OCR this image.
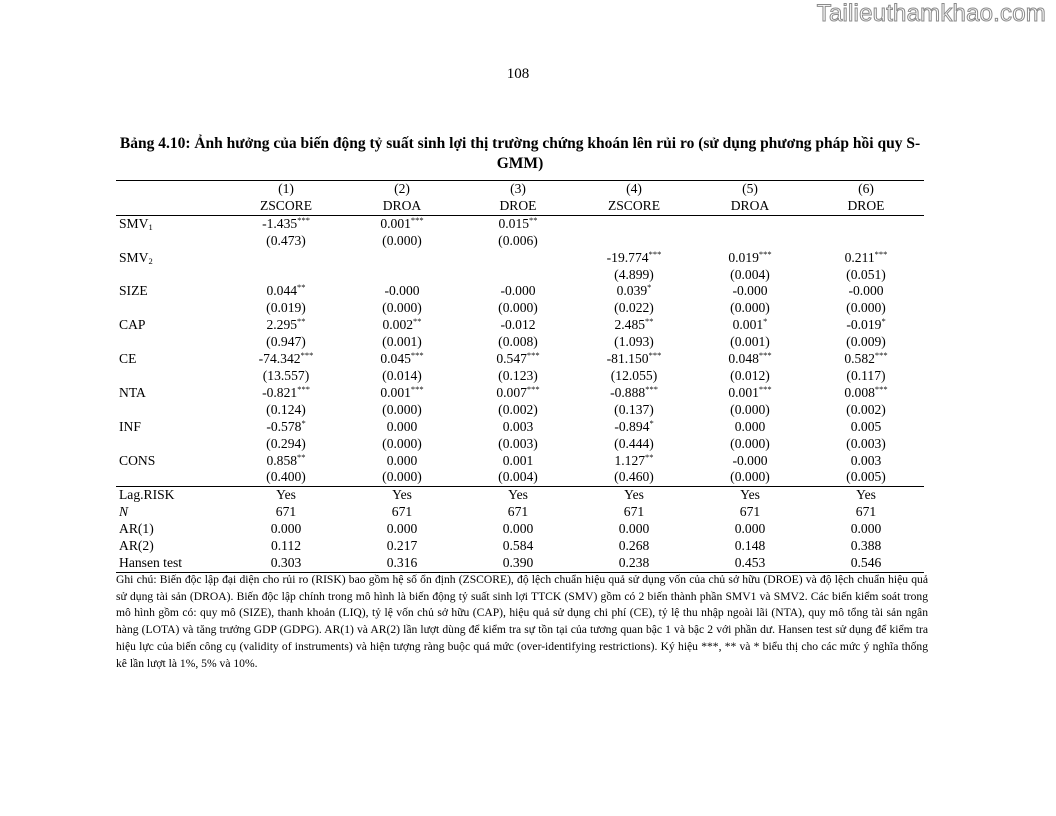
Tailieuthamkhao.com
108
Bảng 4.10: Ảnh hưởng của biến động tỷ suất sinh lợi thị trường chứng khoán lên rủi ro (sử dụng phương pháp hồi quy S-GMM)
	(1)	(2)	(3)	(4)	(5)	(6)
	ZSCORE	DROA	DROE	ZSCORE	DROA	DROE
$SMV_1$	-1.435***	0.001***	0.015**			
	(0.473)	(0.000)	(0.006)			
$SMV_2$				-19.774***	0.019***	0.211***
				(4.899)	(0.004)	(0.051)
SIZE	0.044**	-0.000	-0.000	0.039*	-0.000	-0.000
	(0.019)	(0.000)	(0.000)	(0.022)	(0.000)	(0.000)
CAP	2.295**	0.002**	-0.012	2.485**	0.001*	-0.019*
	(0.947)	(0.001)	(0.008)	(1.093)	(0.001)	(0.009)
CE	-74.342***	0.045***	0.547***	-81.150***	0.048***	0.582***
	(13.557)	(0.014)	(0.123)	(12.055)	(0.012)	(0.117)
NTA	-0.821***	0.001***	0.007***	-0.888***	0.001***	0.008***
	(0.124)	(0.000)	(0.002)	(0.137)	(0.000)	(0.002)
INF	-0.578*	0.000	0.003	-0.894*	0.000	0.005
	(0.294)	(0.000)	(0.003)	(0.444)	(0.000)	(0.003)
CONS	0.858**	0.000	0.001	1.127**	-0.000	0.003
	(0.400)	(0.000)	(0.004)	(0.460)	(0.000)	(0.005)
Lag.RISK	Yes	Yes	Yes	Yes	Yes	Yes
N	671	671	671	671	671	671
AR(1)	0.000	0.000	0.000	0.000	0.000	0.000
AR(2)	0.112	0.217	0.584	0.268	0.148	0.388
Hansen test	0.303	0.316	0.390	0.238	0.453	0.546
Ghi chú: Biến độc lập đại diện cho rủi ro (RISK) bao gồm hệ số ổn định (ZSCORE), độ lệch chuẩn hiệu quả sử dụng vốn của chủ sở hữu (DROE) và độ lệch chuẩn hiệu quả sử dụng tài sản (DROA). Biến độc lập chính trong mô hình là biến động tỷ suất sinh lợi TTCK (SMV) gồm có 2 biến thành phần SMV1 và SMV2. Các biến kiểm soát trong mô hình gồm có: quy mô (SIZE), thanh khoản (LIQ), tỷ lệ vốn chủ sở hữu (CAP), hiệu quả sử dụng chi phí (CE), tỷ lệ thu nhập ngoài lãi (NTA), quy mô tổng tài sản ngân hàng (LOTA) và tăng trưởng GDP (GDPG). AR(1) và AR(2) lần lượt dùng để kiểm tra sự tồn tại của tương quan bậc 1 và bậc 2 với phần dư. Hansen test sử dụng để kiểm tra hiệu lực của biến công cụ (validity of instruments) và hiện tượng ràng buộc quá mức (over-identifying restrictions). Ký hiệu ***, ** và * biểu thị cho các mức ý nghĩa thống kê lần lượt là 1%, 5% và 10%.
